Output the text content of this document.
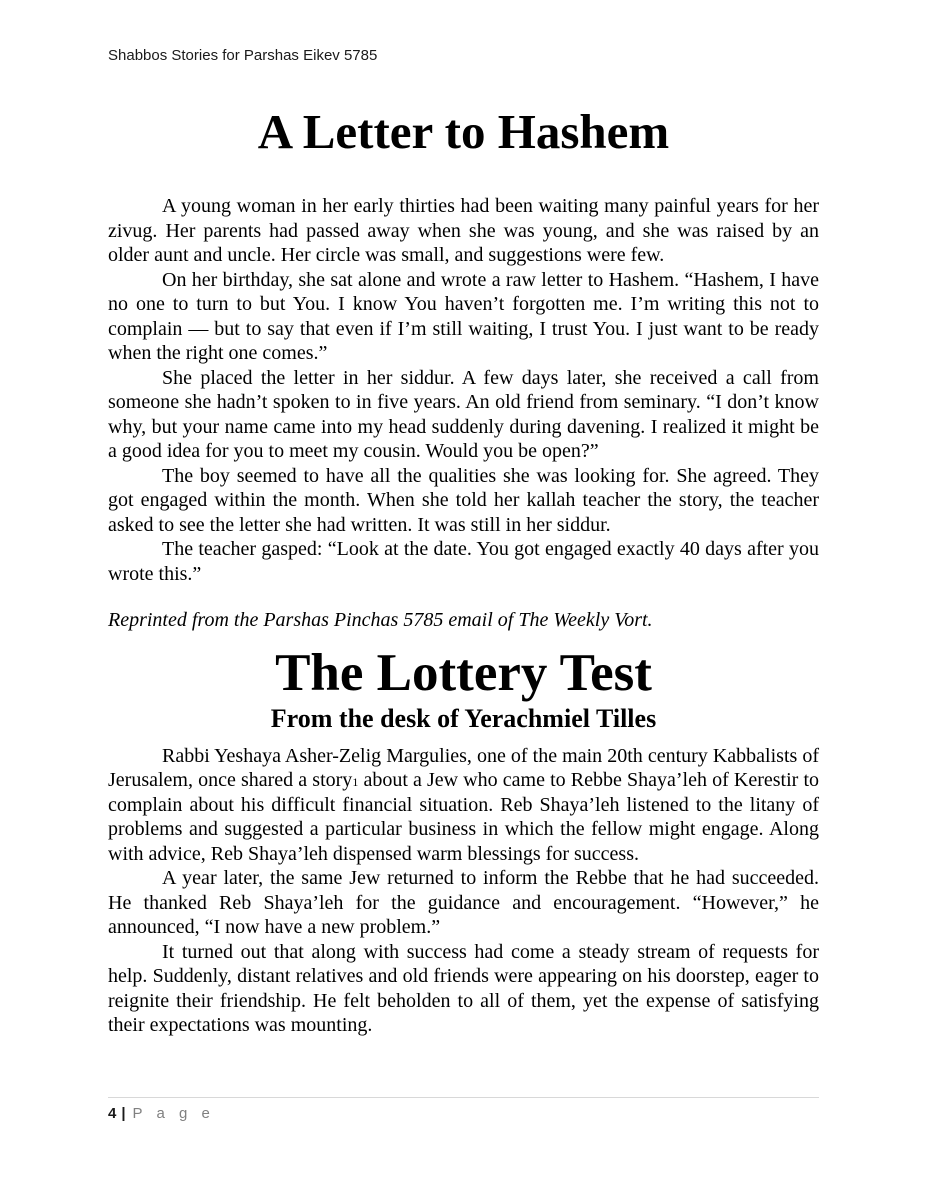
Shabbos Stories for Parshas Eikev 5785
A Letter to Hashem

A young woman in her early thirties had been waiting many painful years for her zivug. Her parents had passed away when she was young, and she was raised by an older aunt and uncle. Her circle was small, and suggestions were few.

On her birthday, she sat alone and wrote a raw letter to Hashem. “Hashem, I have no one to turn to but You. I know You haven’t forgotten me. I’m writing this not to complain — but to say that even if I’m still waiting, I trust You. I just want to be ready when the right one comes.”

She placed the letter in her siddur. A few days later, she received a call from someone she hadn’t spoken to in five years. An old friend from seminary. “I don’t know why, but your name came into my head suddenly during davening. I realized it might be a good idea for you to meet my cousin. Would you be open?”

The boy seemed to have all the qualities she was looking for. She agreed. They got engaged within the month. When she told her kallah teacher the story, the teacher asked to see the letter she had written. It was still in her siddur.

The teacher gasped: “Look at the date. You got engaged exactly 40 days after you wrote this.”

Reprinted from the Parshas Pinchas 5785 email of The Weekly Vort.

The Lottery Test
From the desk of Yerachmiel Tilles

Rabbi Yeshaya Asher-Zelig Margulies, one of the main 20th century Kabbalists of Jerusalem, once shared a story1 about a Jew who came to Rebbe Shaya’leh of Kerestir to complain about his difficult financial situation. Reb Shaya’leh listened to the litany of problems and suggested a particular business in which the fellow might engage. Along with advice, Reb Shaya’leh dispensed warm blessings for success.

A year later, the same Jew returned to inform the Rebbe that he had succeeded. He thanked Reb Shaya’leh for the guidance and encouragement. “However,” he announced, “I now have a new problem.”

It turned out that along with success had come a steady stream of requests for help. Suddenly, distant relatives and old friends were appearing on his doorstep, eager to reignite their friendship. He felt beholden to all of them, yet the expense of satisfying their expectations was mounting.

4 | P a g e
